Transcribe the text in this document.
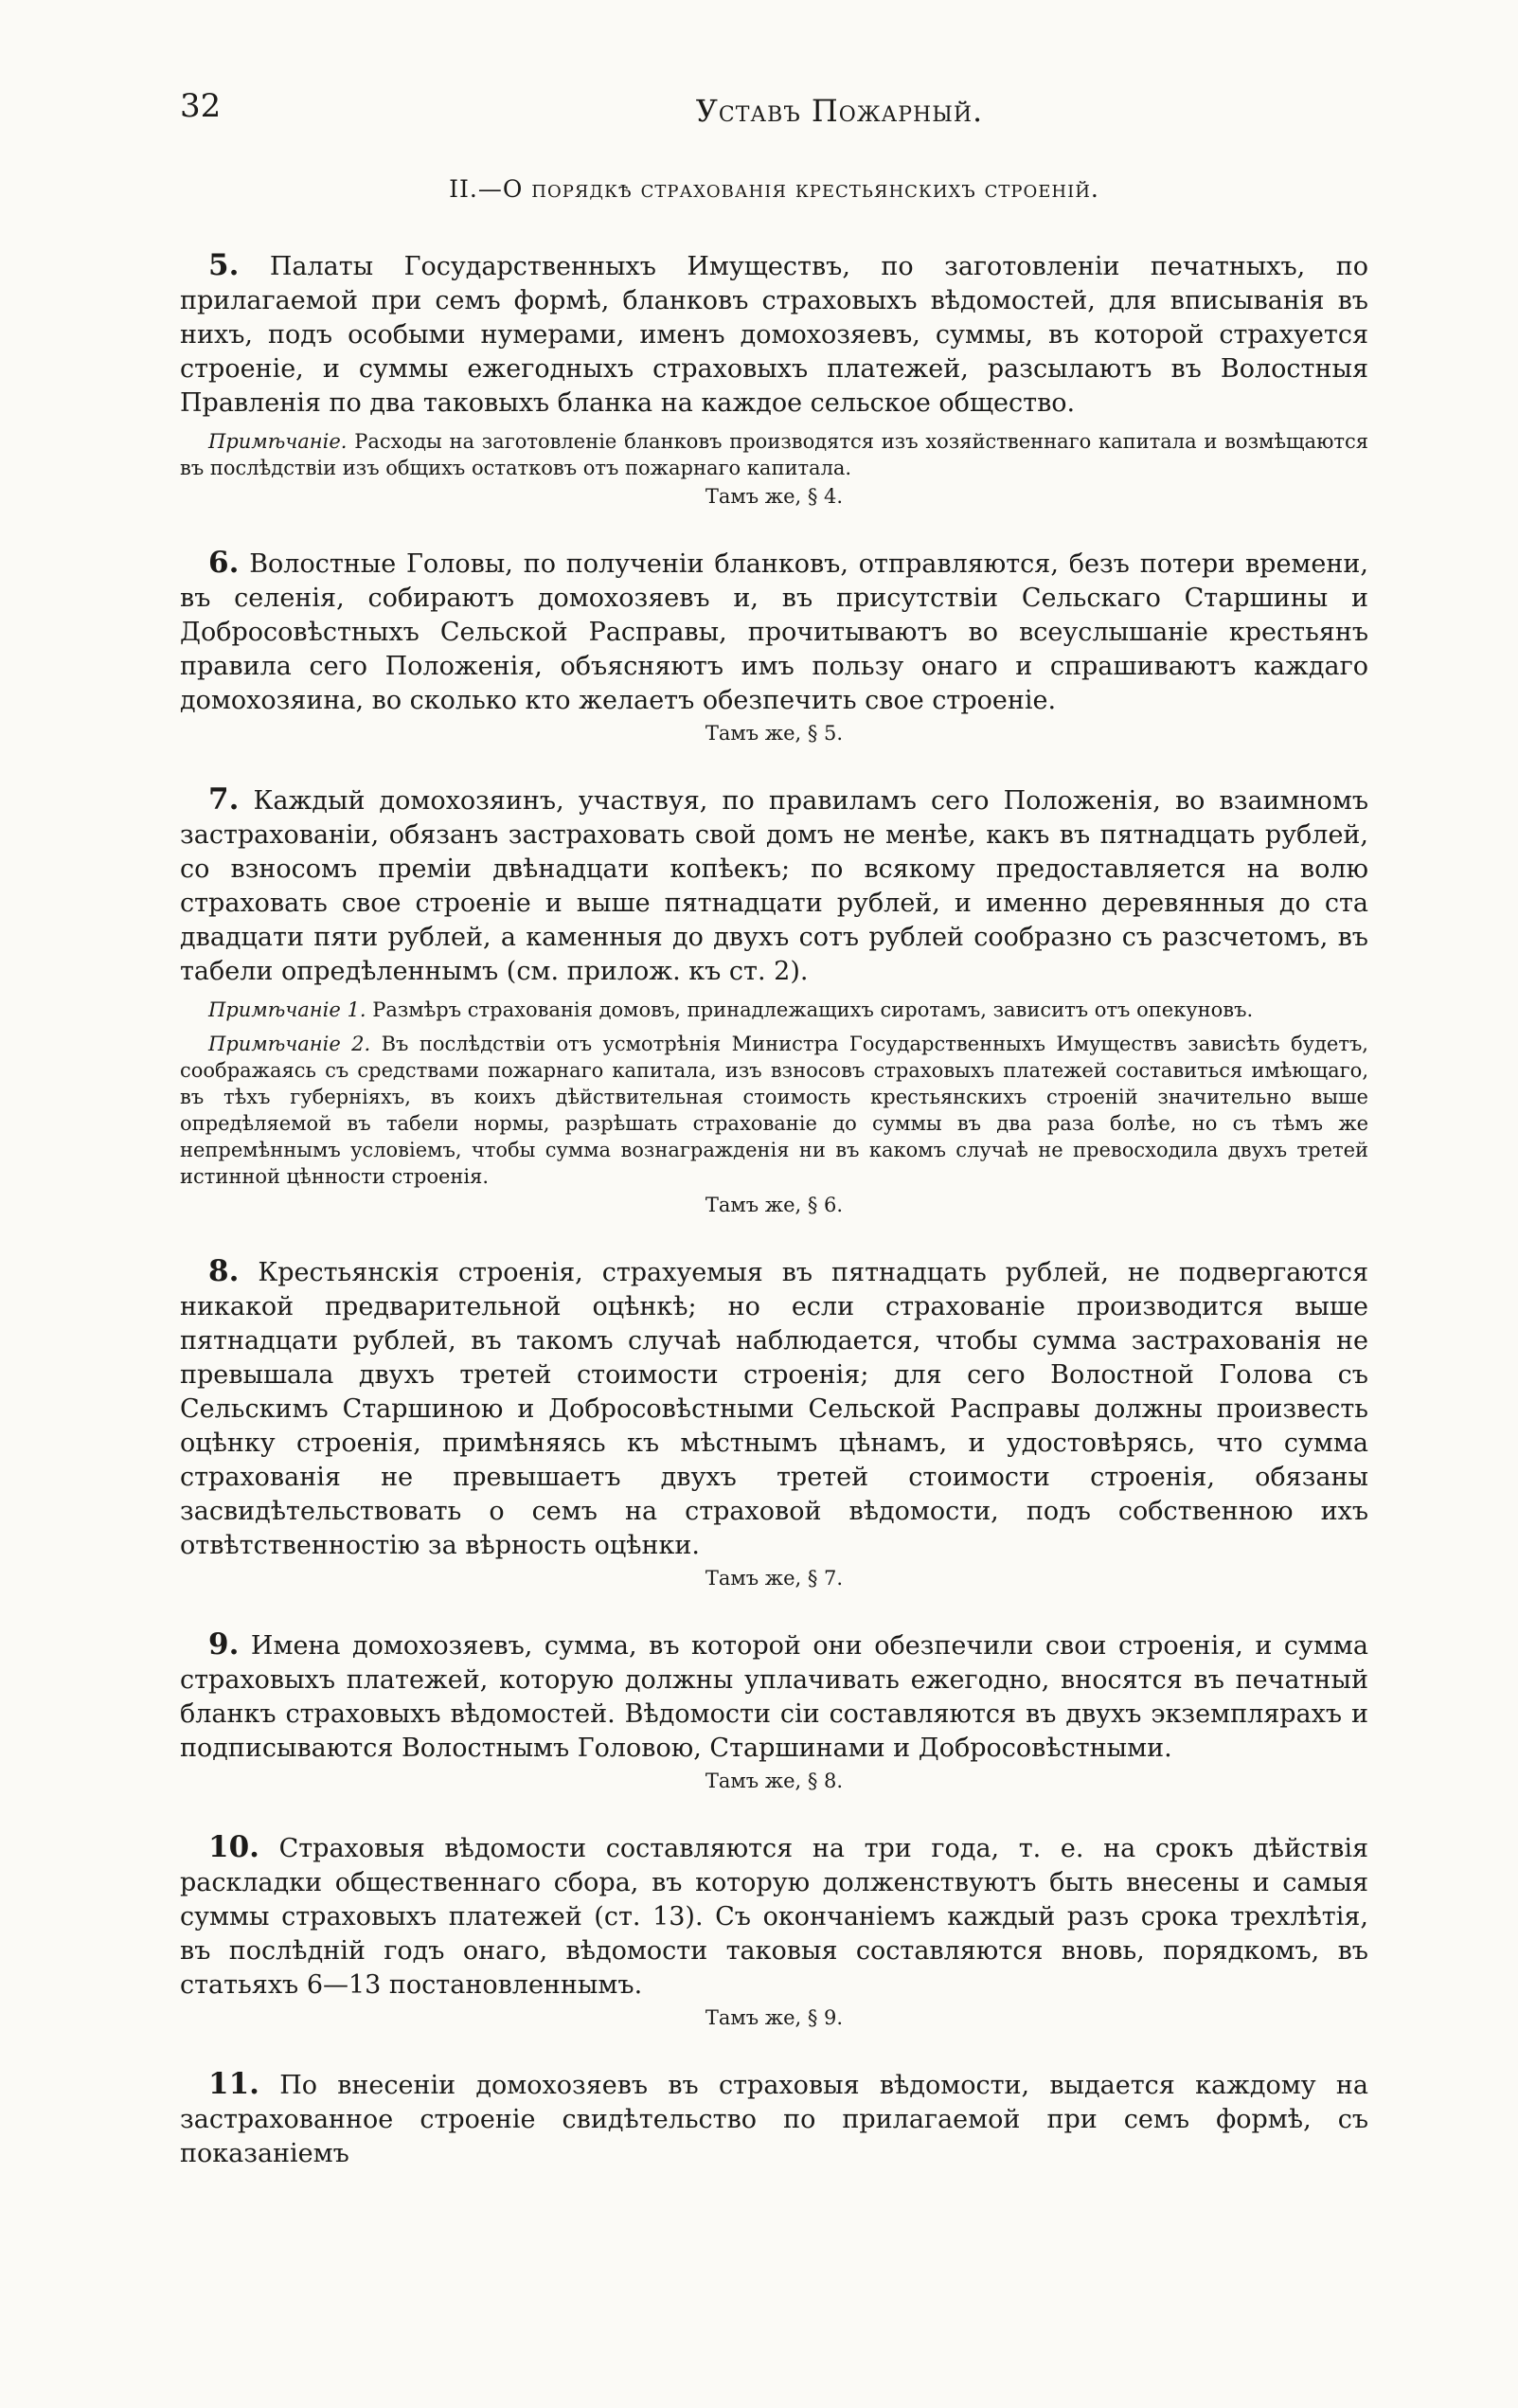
32	Уставъ Пожарный.
II.—О порядкѣ страхованія крестьянскихъ строеній.

5. Палаты Государственныхъ Имуществъ, по заготовленіи печатныхъ, по прилагаемой при семъ формѣ, бланковъ страховыхъ вѣдомостей, для вписыванія въ нихъ, подъ особыми нумерами, именъ домохозяевъ, суммы, въ которой страхуется строеніе, и суммы ежегодныхъ страховыхъ платежей, разсылаютъ въ Волостныя Правленія по два таковыхъ бланка на каждое сельское общество.

Примѣчаніе. Расходы на заготовленіе бланковъ производятся изъ хозяйственнаго капитала и возмѣщаются въ послѣдствіи изъ общихъ остатковъ отъ пожарнаго капитала.

Тамъ же, § 4.

6. Волостные Головы, по полученіи бланковъ, отправляются, безъ потери времени, въ селенія, собираютъ домохозяевъ и, въ присутствіи Сельскаго Старшины и Добросовѣстныхъ Сельской Расправы, прочитываютъ во всеуслышаніе крестьянъ правила сего Положенія, объясняютъ имъ пользу онаго и спрашиваютъ каждаго домохозяина, во сколько кто желаетъ обезпечить свое строеніе.

Тамъ же, § 5.

7. Каждый домохозяинъ, участвуя, по правиламъ сего Положенія, во взаимномъ застрахованіи, обязанъ застраховать свой домъ не менѣе, какъ въ пятнадцать рублей, со взносомъ преміи двѣнадцати копѣекъ; по всякому предоставляется на волю страховать свое строеніе и выше пятнадцати рублей, и именно деревянныя до ста двадцати пяти рублей, а каменныя до двухъ сотъ рублей сообразно съ разсчетомъ, въ табели опредѣленнымъ (см. прилож. къ ст. 2).

Примѣчаніе 1. Размѣръ страхованія домовъ, принадлежащихъ сиротамъ, зависитъ отъ опекуновъ.

Примѣчаніе 2. Въ послѣдствіи отъ усмотрѣнія Министра Государственныхъ Имуществъ зависѣть будетъ, соображаясь съ средствами пожарнаго капитала, изъ взносовъ страховыхъ платежей составиться имѣющаго, въ тѣхъ губерніяхъ, въ коихъ дѣйствительная стоимость крестьянскихъ строеній значительно выше опредѣляемой въ табели нормы, разрѣшать страхованіе до суммы въ два раза болѣе, но съ тѣмъ же непремѣннымъ условіемъ, чтобы сумма вознагражденія ни въ какомъ случаѣ не превосходила двухъ третей истинной цѣнности строенія.

Тамъ же, § 6.

8. Крестьянскія строенія, страхуемыя въ пятнадцать рублей, не подвергаются никакой предварительной оцѣнкѣ; но если страхованіе производится выше пятнадцати рублей, въ такомъ случаѣ наблюдается, чтобы сумма застрахованія не превышала двухъ третей стоимости строенія; для сего Волостной Голова съ Сельскимъ Старшиною и Добросовѣстными Сельской Расправы должны произвесть оцѣнку строенія, примѣняясь къ мѣстнымъ цѣнамъ, и удостовѣрясь, что сумма страхованія не превышаетъ двухъ третей стоимости строенія, обязаны засвидѣтельствовать о семъ на страховой вѣдомости, подъ собственною ихъ отвѣтственностію за вѣрность оцѣнки.

Тамъ же, § 7.

9. Имена домохозяевъ, сумма, въ которой они обезпечили свои строенія, и сумма страховыхъ платежей, которую должны уплачивать ежегодно, вносятся въ печатный бланкъ страховыхъ вѣдомостей. Вѣдомости сіи составляются въ двухъ экземплярахъ и подписываются Волостнымъ Головою, Старшинами и Добросовѣстными.

Тамъ же, § 8.

10. Страховыя вѣдомости составляются на три года, т. е. на срокъ дѣйствія раскладки общественнаго сбора, въ которую долженствуютъ быть внесены и самыя суммы страховыхъ платежей (ст. 13). Съ окончаніемъ каждый разъ срока трехлѣтія, въ послѣдній годъ онаго, вѣдомости таковыя составляются вновь, порядкомъ, въ статьяхъ 6—13 постановленнымъ.

Тамъ же, § 9.

11. По внесеніи домохозяевъ въ страховыя вѣдомости, выдается каждому на застрахованное строеніе свидѣтельство по прилагаемой при семъ формѣ, съ показаніемъ
